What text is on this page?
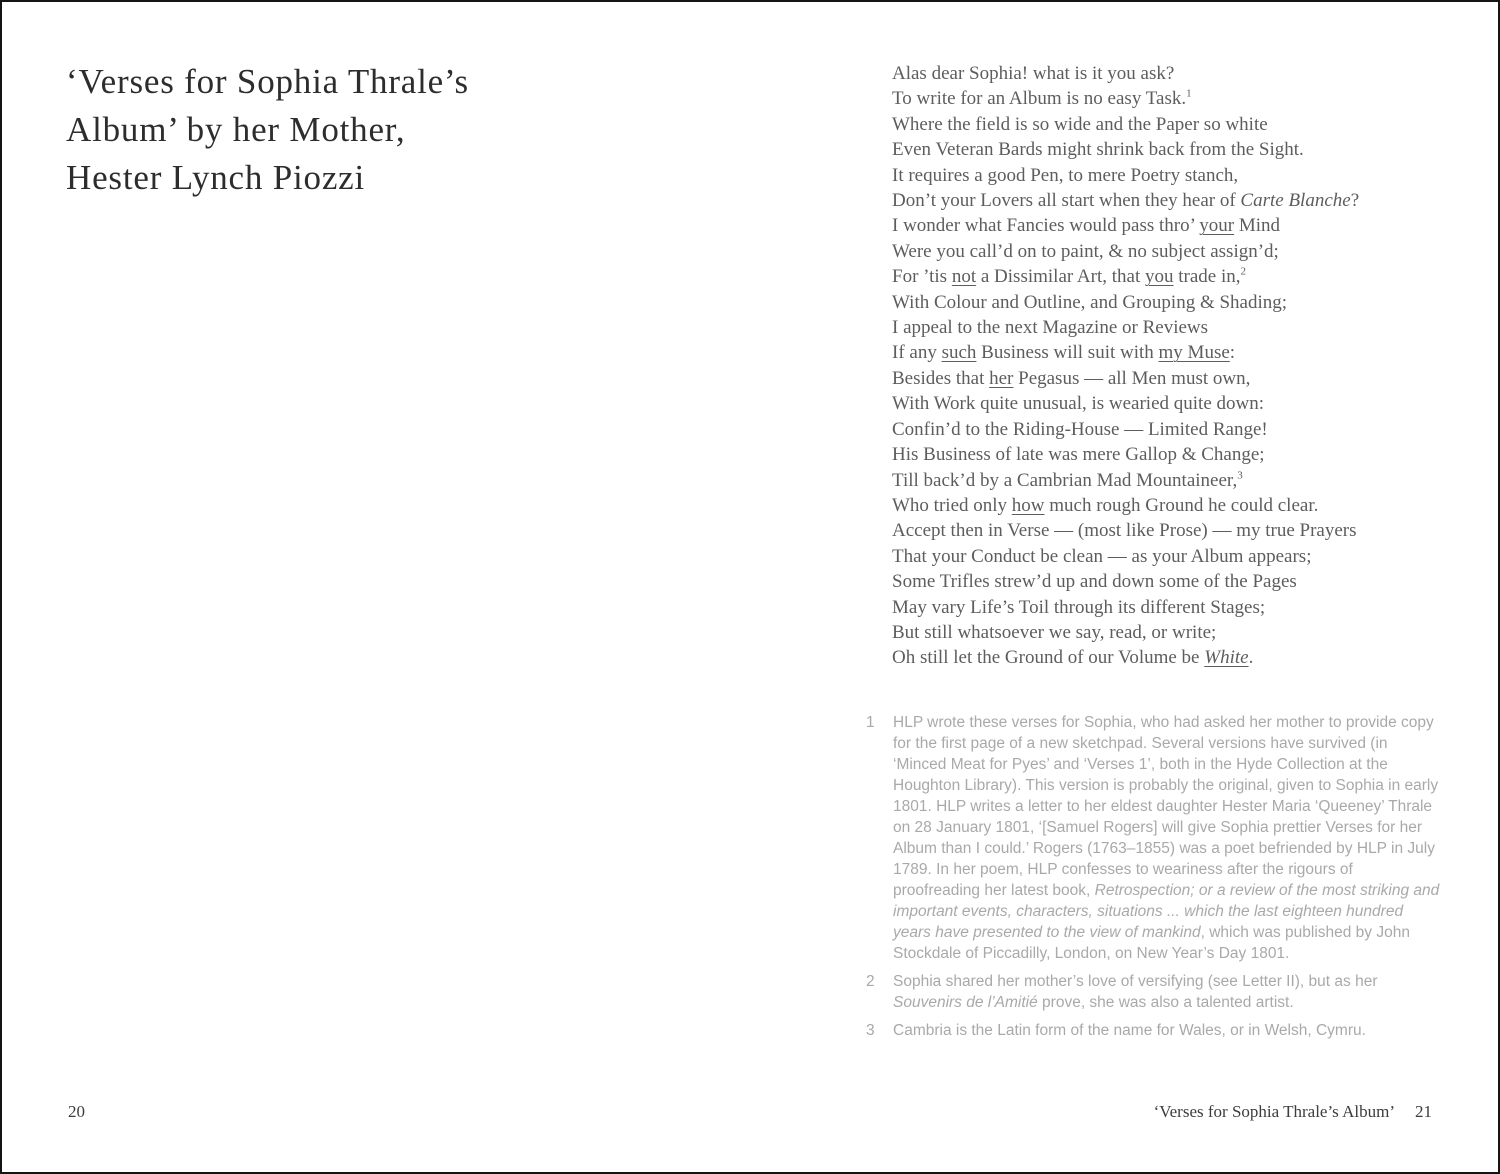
‘Verses for Sophia Thrale’s
Album’ by her Mother,
Hester Lynch Piozzi
20
Alas dear Sophia! what is it you ask?
To write for an Album is no easy Task.$^1$
Where the field is so wide and the Paper so white
Even Veteran Bards might shrink back from the Sight.
It requires a good Pen, to mere Poetry stanch,
Don’t your Lovers all start when they hear of Carte Blanche?
I wonder what Fancies would pass thro’ your Mind
Were you call’d on to paint, & no subject assign’d;
For ’tis not a Dissimilar Art, that you trade in,$^2$
With Colour and Outline, and Grouping & Shading;
I appeal to the next Magazine or Reviews
If any such Business will suit with my Muse:
Besides that her Pegasus — all Men must own,
With Work quite unusual, is wearied quite down:
Confin’d to the Riding-House — Limited Range!
His Business of late was mere Gallop & Change;
Till back’d by a Cambrian Mad Mountaineer,$^3$
Who tried only how much rough Ground he could clear.
Accept then in Verse — (most like Prose) — my true Prayers
That your Conduct be clean — as your Album appears;
Some Trifles strew’d up and down some of the Pages
May vary Life’s Toil through its different Stages;
But still whatsoever we say, read, or write;
Oh still let the Ground of our Volume be White.
1	HLP wrote these verses for Sophia, who had asked her mother to provide copy for the first page of a new sketchpad. Several versions have survived (in ‘Minced Meat for Pyes’ and ‘Verses 1’, both in the Hyde Collection at the Houghton Library). This version is probably the original, given to Sophia in early 1801. HLP writes a letter to her eldest daughter Hester Maria ‘Queeney’ Thrale on 28 January 1801, ‘[Samuel Rogers] will give Sophia prettier Verses for her Album than I could.’ Rogers (1763–1855) was a poet befriended by HLP in July 1789. In her poem, HLP confesses to weariness after the rigours of proofreading her latest book, Retrospection; or a review of the most striking and important events, characters, situations ... which the last eighteen hundred years have presented to the view of mankind, which was published by John Stockdale of Piccadilly, London, on New Year’s Day 1801.
2	Sophia shared her mother’s love of versifying (see Letter II), but as her Souvenirs de l’Amitié prove, she was also a talented artist.
3	Cambria is the Latin form of the name for Wales, or in Welsh, Cymru.
‘Verses for Sophia Thrale’s Album’ 21
